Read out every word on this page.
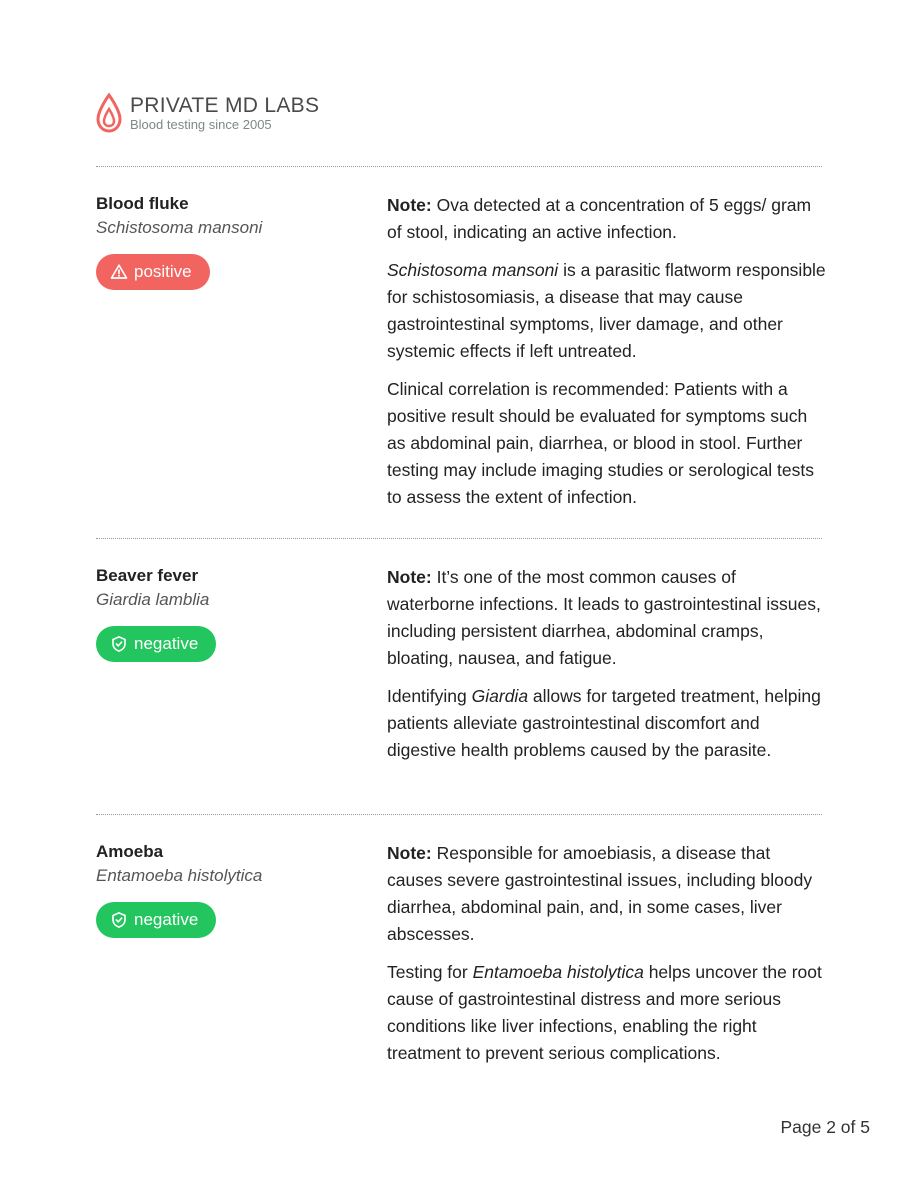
PRIVATE MD LABS
Blood testing since 2005
Blood fluke
Schistosoma mansoni
positive

Note: Ova detected at a concentration of 5 eggs/ gram of stool, indicating an active infection.

Schistosoma mansoni is a parasitic flatworm responsible for schistosomiasis, a disease that may cause gastrointestinal symptoms, liver damage, and other systemic effects if left untreated.

Clinical correlation is recommended: Patients with a positive result should be evaluated for symptoms such as abdominal pain, diarrhea, or blood in stool. Further testing may include imaging studies or serological tests to assess the extent of infection.

Beaver fever
Giardia lamblia
negative

Note: It’s one of the most common causes of waterborne infections. It leads to gastrointestinal issues, including persistent diarrhea, abdominal cramps, bloating, nausea, and fatigue.

Identifying Giardia allows for targeted treatment, helping patients alleviate gastrointestinal discomfort and digestive health problems caused by the parasite.

Amoeba
Entamoeba histolytica
negative

Note: Responsible for amoebiasis, a disease that causes severe gastrointestinal issues, including bloody diarrhea, abdominal pain, and, in some cases, liver abscesses.

Testing for Entamoeba histolytica helps uncover the root cause of gastrointestinal distress and more serious conditions like liver infections, enabling the right treatment to prevent serious complications.

Page 2 of 5
